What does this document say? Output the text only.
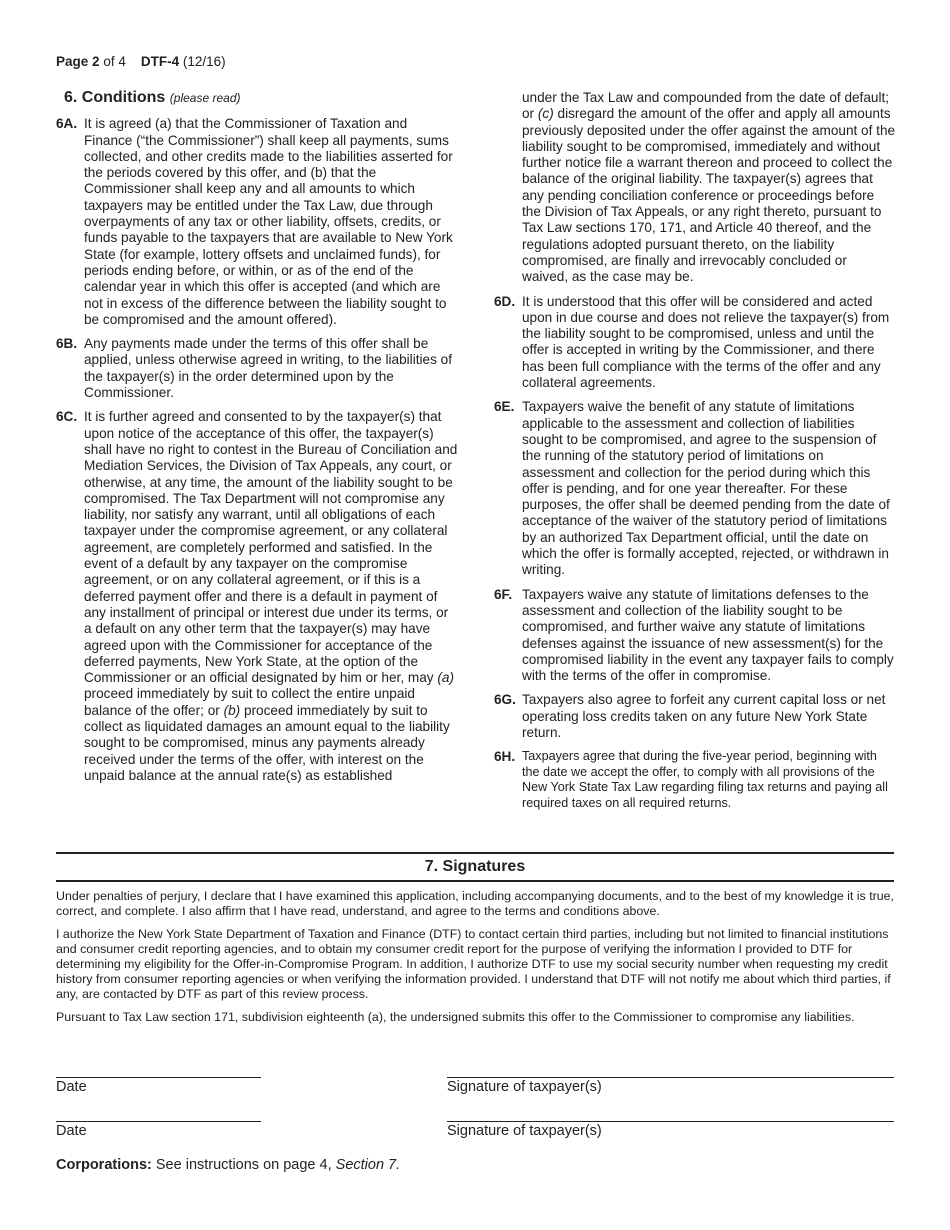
Page 2 of 4 DTF-4 (12/16)
6. Conditions (please read)
6A. It is agreed (a) that the Commissioner of Taxation and Finance (“the Commissioner”) shall keep all payments, sums collected, and other credits made to the liabilities asserted for the periods covered by this offer, and (b) that the Commissioner shall keep any and all amounts to which taxpayers may be entitled under the Tax Law, due through overpayments of any tax or other liability, offsets, credits, or funds payable to the taxpayers that are available to New York State (for example, lottery offsets and unclaimed funds), for periods ending before, or within, or as of the end of the calendar year in which this offer is accepted (and which are not in excess of the difference between the liability sought to be compromised and the amount offered).
6B. Any payments made under the terms of this offer shall be applied, unless otherwise agreed in writing, to the liabilities of the taxpayer(s) in the order determined upon by the Commissioner.
6C. It is further agreed and consented to by the taxpayer(s) that upon notice of the acceptance of this offer, the taxpayer(s) shall have no right to contest in the Bureau of Conciliation and Mediation Services, the Division of Tax Appeals, any court, or otherwise, at any time, the amount of the liability sought to be compromised. The Tax Department will not compromise any liability, nor satisfy any warrant, until all obligations of each taxpayer under the compromise agreement, or any collateral agreement, are completely performed and satisfied. In the event of a default by any taxpayer on the compromise agreement, or on any collateral agreement, or if this is a deferred payment offer and there is a default in payment of any installment of principal or interest due under its terms, or a default on any other term that the taxpayer(s) may have agreed upon with the Commissioner for acceptance of the deferred payments, New York State, at the option of the Commissioner or an official designated by him or her, may (a) proceed immediately by suit to collect the entire unpaid balance of the offer; or (b) proceed immediately by suit to collect as liquidated damages an amount equal to the liability sought to be compromised, minus any payments already received under the terms of the offer, with interest on the unpaid balance at the annual rate(s) as established
under the Tax Law and compounded from the date of default; or (c) disregard the amount of the offer and apply all amounts previously deposited under the offer against the amount of the liability sought to be compromised, immediately and without further notice file a warrant thereon and proceed to collect the balance of the original liability. The taxpayer(s) agrees that any pending conciliation conference or proceedings before the Division of Tax Appeals, or any right thereto, pursuant to Tax Law sections 170, 171, and Article 40 thereof, and the regulations adopted pursuant thereto, on the liability compromised, are finally and irrevocably concluded or waived, as the case may be.
6D. It is understood that this offer will be considered and acted upon in due course and does not relieve the taxpayer(s) from the liability sought to be compromised, unless and until the offer is accepted in writing by the Commissioner, and there has been full compliance with the terms of the offer and any collateral agreements.
6E. Taxpayers waive the benefit of any statute of limitations applicable to the assessment and collection of liabilities sought to be compromised, and agree to the suspension of the running of the statutory period of limitations on assessment and collection for the period during which this offer is pending, and for one year thereafter. For these purposes, the offer shall be deemed pending from the date of acceptance of the waiver of the statutory period of limitations by an authorized Tax Department official, until the date on which the offer is formally accepted, rejected, or withdrawn in writing.
6F. Taxpayers waive any statute of limitations defenses to the assessment and collection of the liability sought to be compromised, and further waive any statute of limitations defenses against the issuance of new assessment(s) for the compromised liability in the event any taxpayer fails to comply with the terms of the offer in compromise.
6G. Taxpayers also agree to forfeit any current capital loss or net operating loss credits taken on any future New York State return.
6H. Taxpayers agree that during the five-year period, beginning with the date we accept the offer, to comply with all provisions of the New York State Tax Law regarding filing tax returns and paying all required taxes on all required returns.
7. Signatures
Under penalties of perjury, I declare that I have examined this application, including accompanying documents, and to the best of my knowledge it is true, correct, and complete. I also affirm that I have read, understand, and agree to the terms and conditions above.
I authorize the New York State Department of Taxation and Finance (DTF) to contact certain third parties, including but not limited to financial institutions and consumer credit reporting agencies, and to obtain my consumer credit report for the purpose of verifying the information I provided to DTF for determining my eligibility for the Offer-in-Compromise Program. In addition, I authorize DTF to use my social security number when requesting my credit history from consumer reporting agencies or when verifying the information provided. I understand that DTF will not notify me about which third parties, if any, are contacted by DTF as part of this review process.
Pursuant to Tax Law section 171, subdivision eighteenth (a), the undersigned submits this offer to the Commissioner to compromise any liabilities.
Date	Signature of taxpayer(s)
Date	Signature of taxpayer(s)
Corporations: See instructions on page 4, Section 7.
